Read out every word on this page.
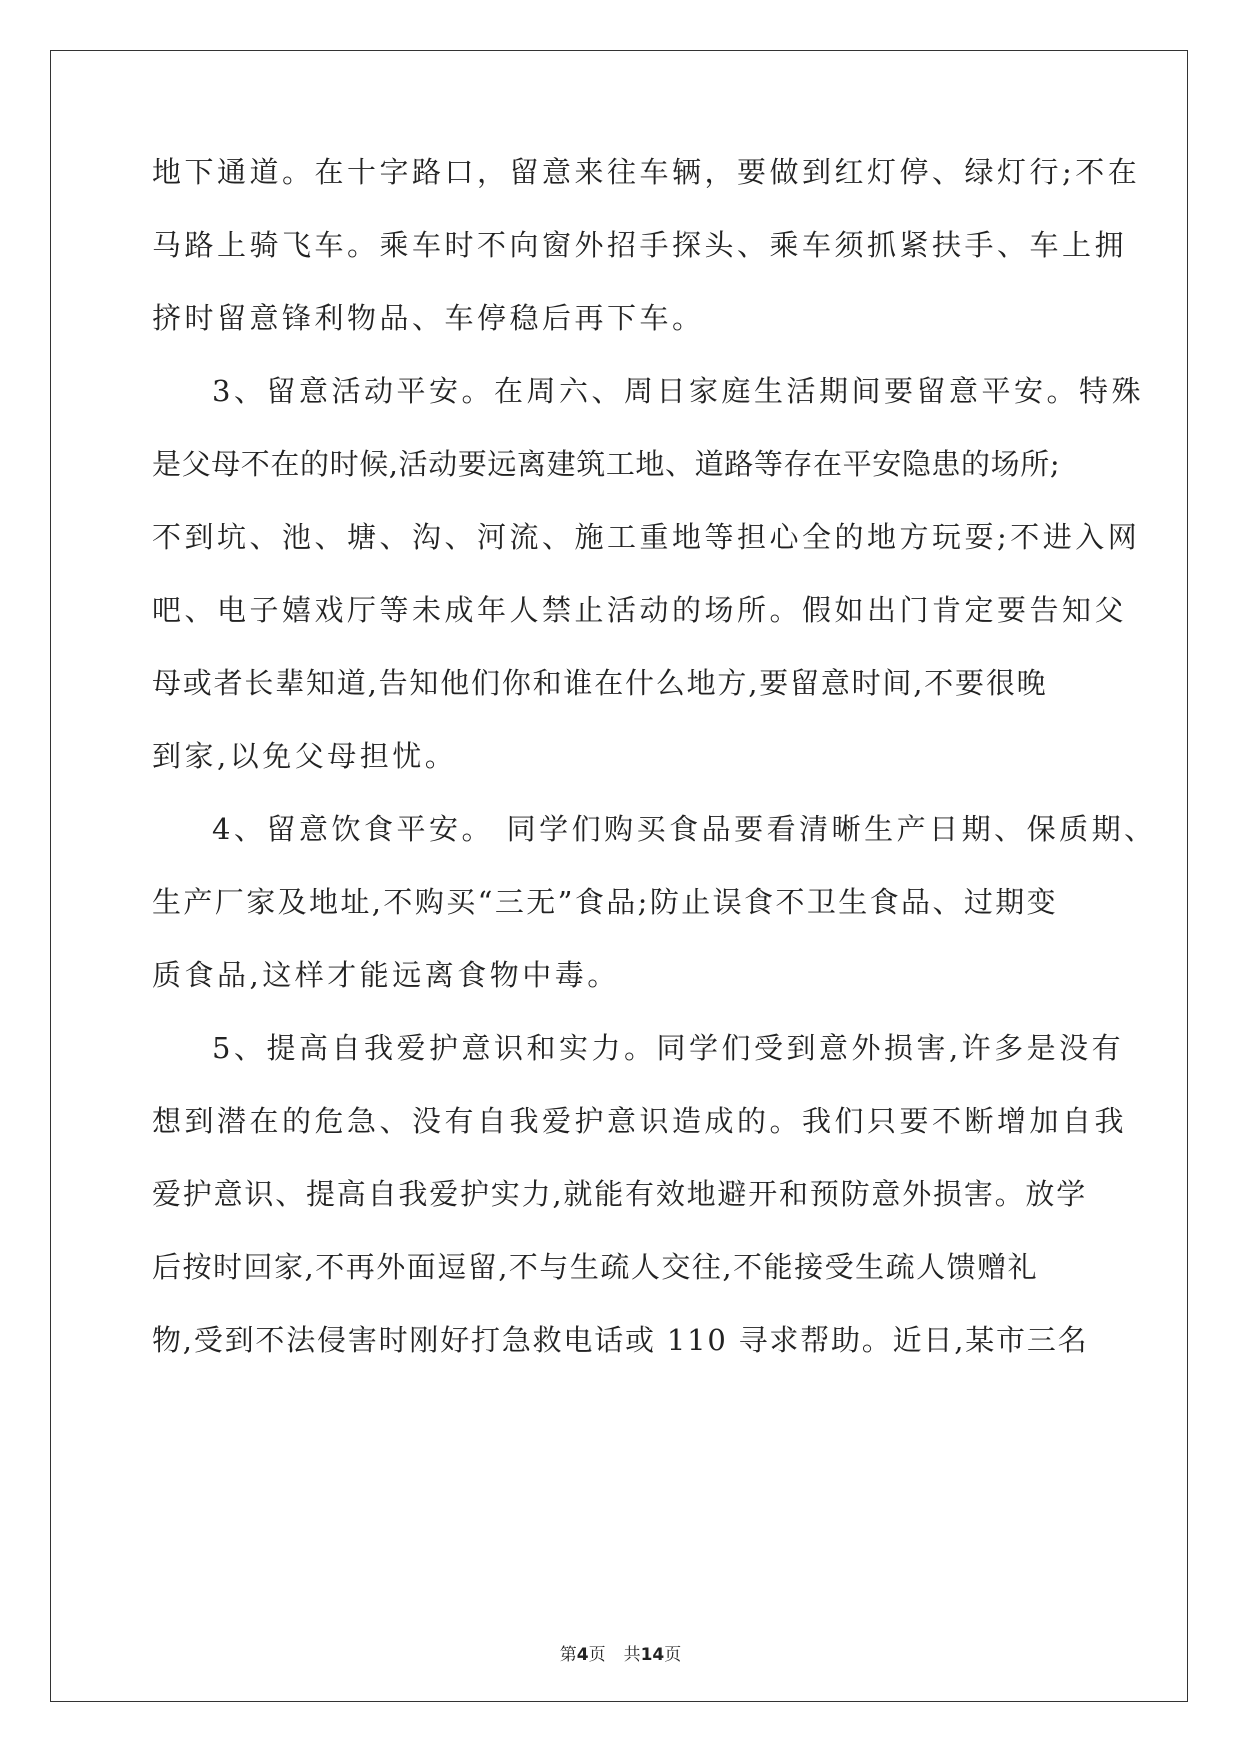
地下通道。在十字路口，留意来往车辆，要做到红灯停、绿灯行;不在
马路上骑飞车。乘车时不向窗外招手探头、乘车须抓紧扶手、车上拥
挤时留意锋利物品、车停稳后再下车。
3、留意活动平安。在周六、周日家庭生活期间要留意平安。特殊
是父母不在的时候,活动要远离建筑工地、道路等存在平安隐患的场所;
不到坑、池、塘、沟、河流、施工重地等担心全的地方玩耍;不进入网
吧、电子嬉戏厅等未成年人禁止活动的场所。假如出门肯定要告知父
母或者长辈知道,告知他们你和谁在什么地方,要留意时间,不要很晚
到家,以免父母担忧。
4、留意饮食平安。 同学们购买食品要看清晰生产日期、保质期、
生产厂家及地址,不购买“三无”食品;防止误食不卫生食品、过期变
质食品,这样才能远离食物中毒。
5、提高自我爱护意识和实力。同学们受到意外损害,许多是没有
想到潜在的危急、没有自我爱护意识造成的。我们只要不断增加自我
爱护意识、提高自我爱护实力,就能有效地避开和预防意外损害。放学
后按时回家,不再外面逗留,不与生疏人交往,不能接受生疏人馈赠礼
物,受到不法侵害时刚好打急救电话或 110 寻求帮助。近日,某市三名
第4页 共14页
